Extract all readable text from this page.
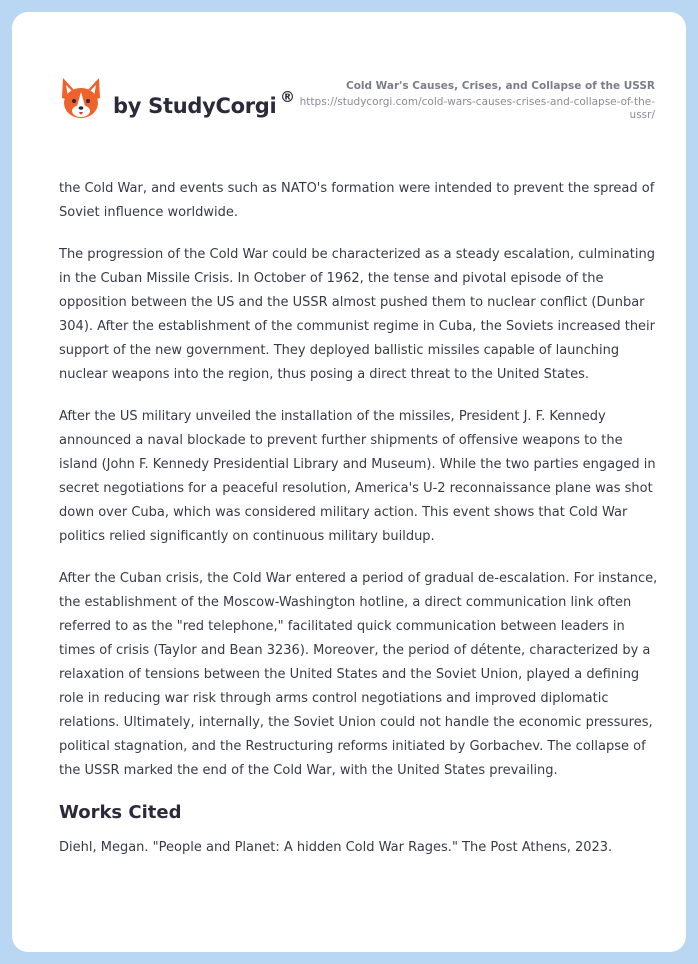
by StudyCorgi ®
Cold War's Causes, Crises, and Collapse of the USSR
https://studycorgi.com/cold-wars-causes-crises-and-collapse-of-the-ussr/

the Cold War, and events such as NATO's formation were intended to prevent the spread of Soviet influence worldwide.

The progression of the Cold War could be characterized as a steady escalation, culminating in the Cuban Missile Crisis. In October of 1962, the tense and pivotal episode of the opposition between the US and the USSR almost pushed them to nuclear conflict (Dunbar 304). After the establishment of the communist regime in Cuba, the Soviets increased their support of the new government. They deployed ballistic missiles capable of launching nuclear weapons into the region, thus posing a direct threat to the United States.

After the US military unveiled the installation of the missiles, President J. F. Kennedy announced a naval blockade to prevent further shipments of offensive weapons to the island (John F. Kennedy Presidential Library and Museum). While the two parties engaged in secret negotiations for a peaceful resolution, America's U-2 reconnaissance plane was shot down over Cuba, which was considered military action. This event shows that Cold War politics relied significantly on continuous military buildup.

After the Cuban crisis, the Cold War entered a period of gradual de-escalation. For instance, the establishment of the Moscow-Washington hotline, a direct communication link often referred to as the "red telephone," facilitated quick communication between leaders in times of crisis (Taylor and Bean 3236). Moreover, the period of détente, characterized by a relaxation of tensions between the United States and the Soviet Union, played a defining role in reducing war risk through arms control negotiations and improved diplomatic relations. Ultimately, internally, the Soviet Union could not handle the economic pressures, political stagnation, and the Restructuring reforms initiated by Gorbachev. The collapse of the USSR marked the end of the Cold War, with the United States prevailing.

Works Cited

Diehl, Megan. "People and Planet: A hidden Cold War Rages." The Post Athens, 2023.
